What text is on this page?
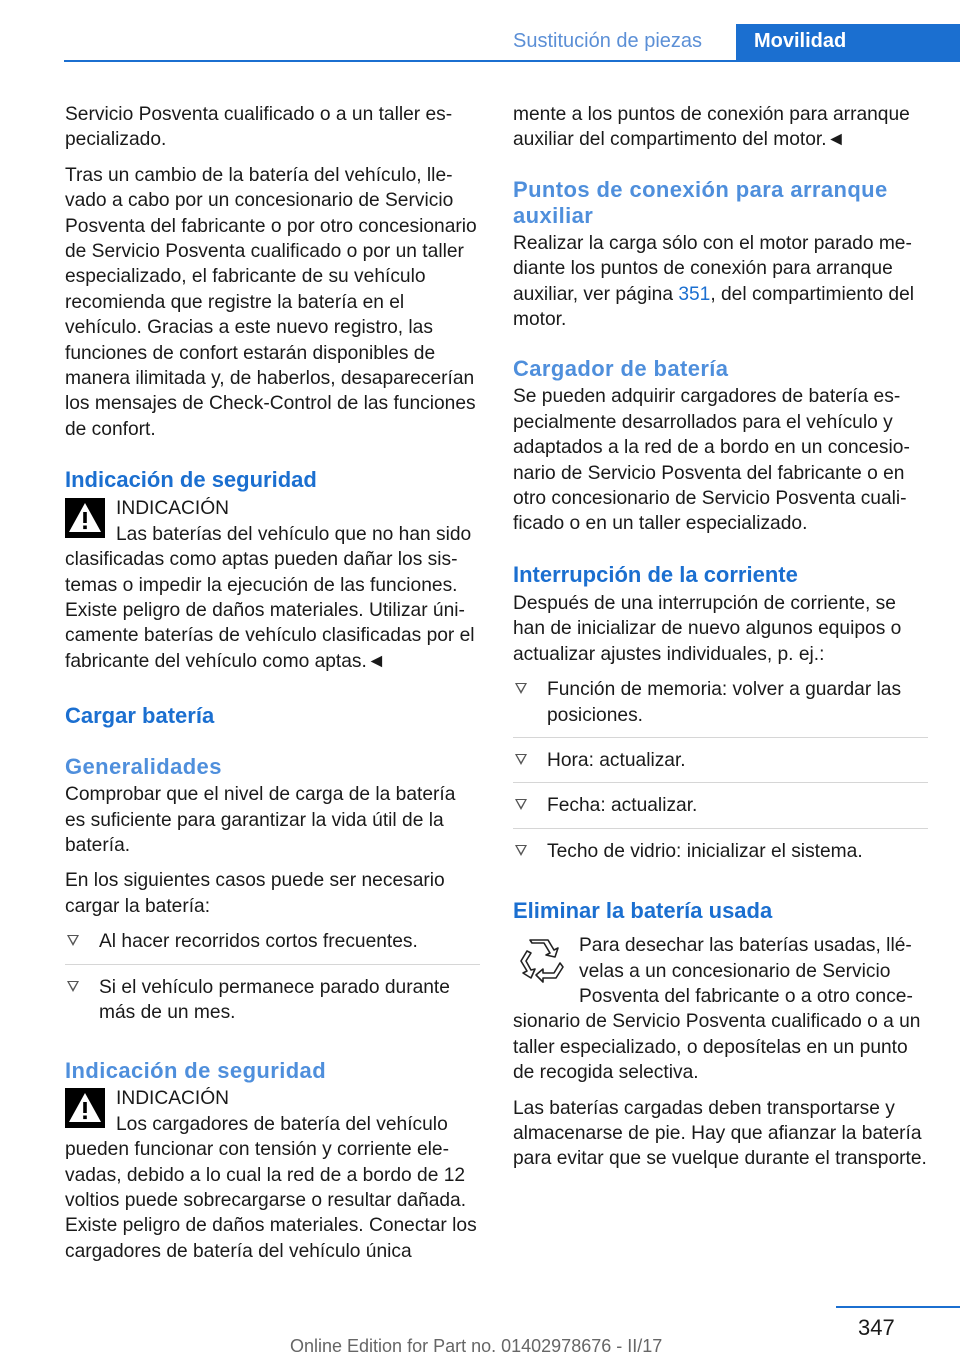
Sustitución de piezas	Movilidad

Servicio Posventa cualificado o a un taller especializado.

Tras un cambio de la batería del vehículo, llevado a cabo por un concesionario de Servicio Posventa del fabricante o por otro concesionario de Servicio Posventa cualificado o por un taller especializado, el fabricante de su vehículo recomienda que registre la batería en el vehículo. Gracias a este nuevo registro, las funciones de confort estarán disponibles de manera ilimitada y, de haberlos, desaparecerían los mensajes de Check-Control de las funciones de confort.

Indicación de seguridad

INDICACIÓN

Las baterías del vehículo que no han sido clasificadas como aptas pueden dañar los sistemas o impedir la ejecución de las funciones. Existe peligro de daños materiales. Utilizar únicamente baterías de vehículo clasificadas por el fabricante del vehículo como aptas.◄

Cargar batería
Generalidades

Comprobar que el nivel de carga de la batería es suficiente para garantizar la vida útil de la batería.

En los siguientes casos puede ser necesario cargar la batería:

Al hacer recorridos cortos frecuentes.
Si el vehículo permanece parado durante más de un mes.
Indicación de seguridad

INDICACIÓN

Los cargadores de batería del vehículo pueden funcionar con tensión y corriente elevadas, debido a lo cual la red de a bordo de 12 voltios puede sobrecargarse o resultar dañada. Existe peligro de daños materiales. Conectar los cargadores de batería del vehículo única

mente a los puntos de conexión para arranque auxiliar del compartimento del motor.◄

Puntos de conexión para arranque auxiliar

Realizar la carga sólo con el motor parado mediante los puntos de conexión para arranque auxiliar, ver página 351, del compartimiento del motor.

Cargador de batería

Se pueden adquirir cargadores de batería especialmente desarrollados para el vehículo y adaptados a la red de a bordo en un concesionario de Servicio Posventa del fabricante o en otro concesionario de Servicio Posventa cualificado o en un taller especializado.

Interrupción de la corriente

Después de una interrupción de corriente, se han de inicializar de nuevo algunos equipos o actualizar ajustes individuales, p. ej.:

Función de memoria: volver a guardar las posiciones.
Hora: actualizar.
Fecha: actualizar.
Techo de vidrio: inicializar el sistema.
Eliminar la batería usada

Para desechar las baterías usadas, llévelas a un concesionario de Servicio Posventa del fabricante o a otro concesionario de Servicio Posventa cualificado o a un taller especializado, o deposítelas en un punto de recogida selectiva.

Las baterías cargadas deben transportarse y almacenarse de pie. Hay que afianzar la batería para evitar que se vuelque durante el transporte.

347
Online Edition for Part no. 01402978676 - II/17
